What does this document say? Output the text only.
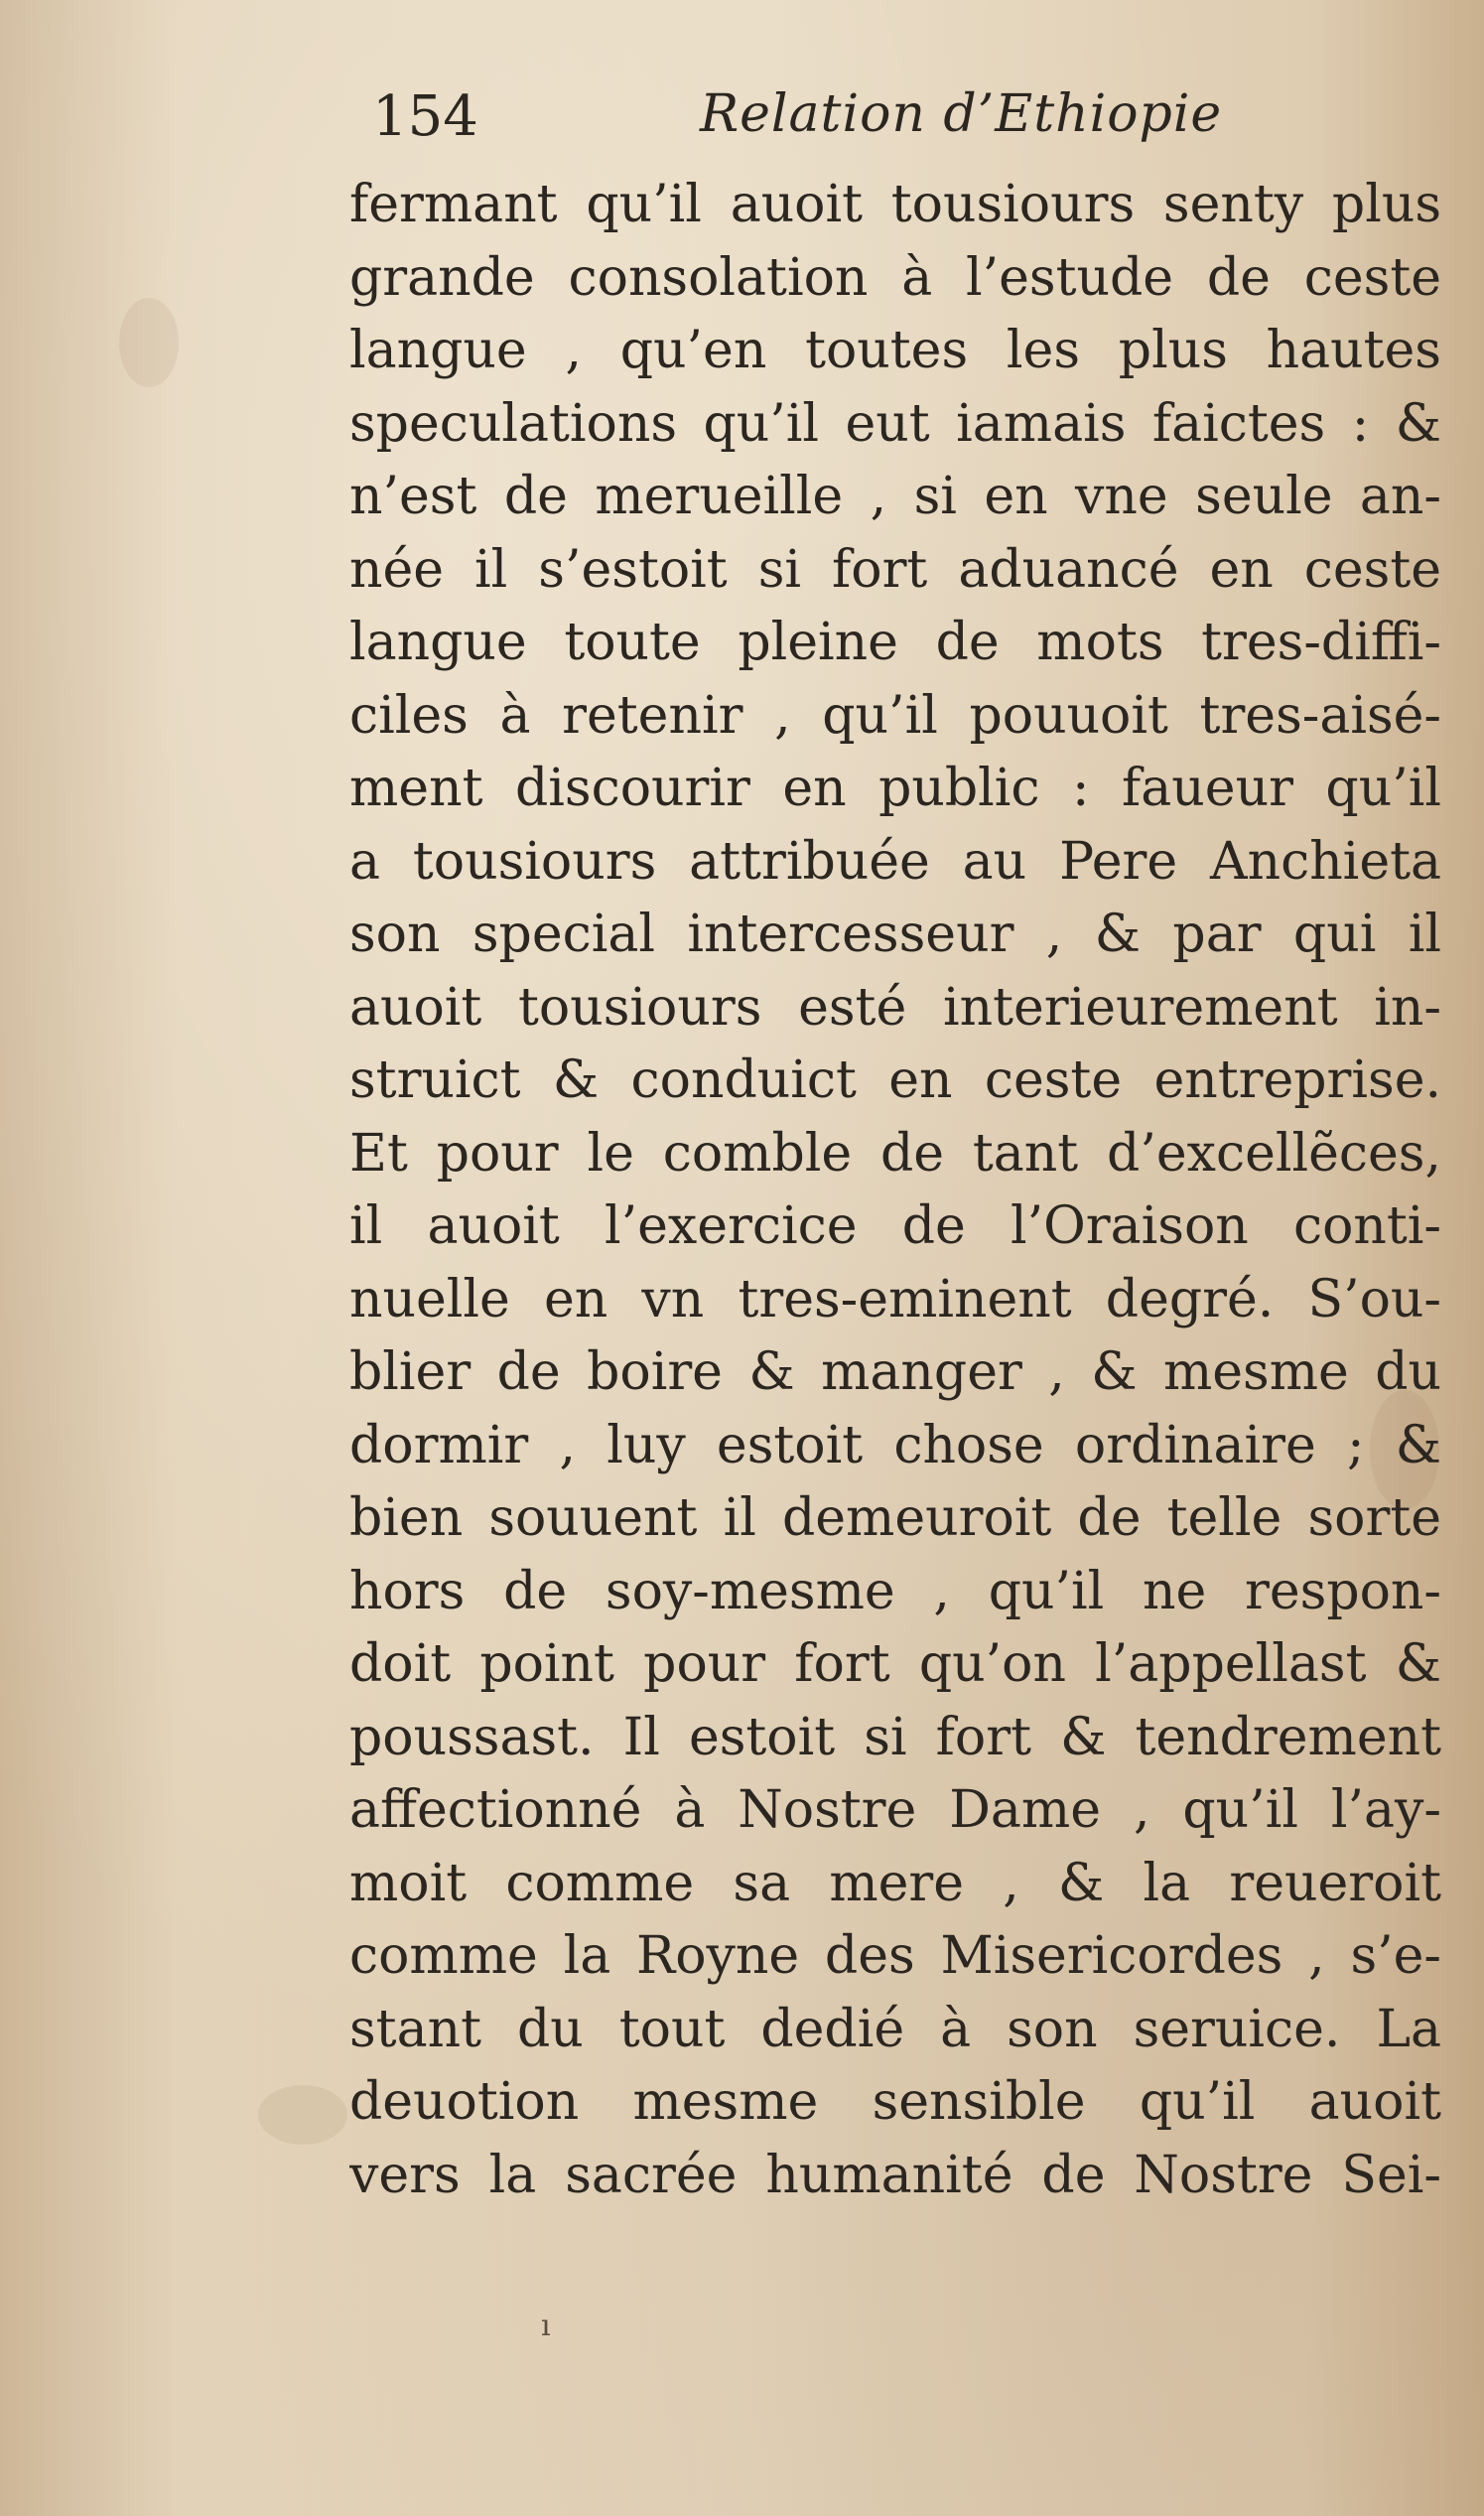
154	Relation d’Ethiopie
fermant qu’il auoit tousiours senty plus
grande consolation à l’estude de ceste
langue , qu’en toutes les plus hautes
speculations qu’il eut iamais faictes : &
n’est de merueille , si en vne seule an-
née il s’estoit si fort aduancé en ceste
langue toute pleine de mots tres-diffi-
ciles à retenir , qu’il pouuoit tres-aisé-
ment discourir en public : faueur qu’il
a tousiours attribuée au Pere Anchieta
son special intercesseur , & par qui il
auoit tousiours esté interieurement in-
struict & conduict en ceste entreprise.
Et pour le comble de tant d’excellẽces,
il auoit l’exercice de l’Oraison conti-
nuelle en vn tres-eminent degré. S’ou-
blier de boire & manger , & mesme du
dormir , luy estoit chose ordinaire ; &
bien souuent il demeuroit de telle sorte
hors de soy-mesme , qu’il ne respon-
doit point pour fort qu’on l’appellast &
poussast. Il estoit si fort & tendrement
affectionné à Nostre Dame , qu’il l’ay-
moit comme sa mere , & la reueroit
comme la Royne des Misericordes , s’e-
stant du tout dedié à son seruice. La
deuotion mesme sensible qu’il auoit
vers la sacrée humanité de Nostre Sei-
ı
